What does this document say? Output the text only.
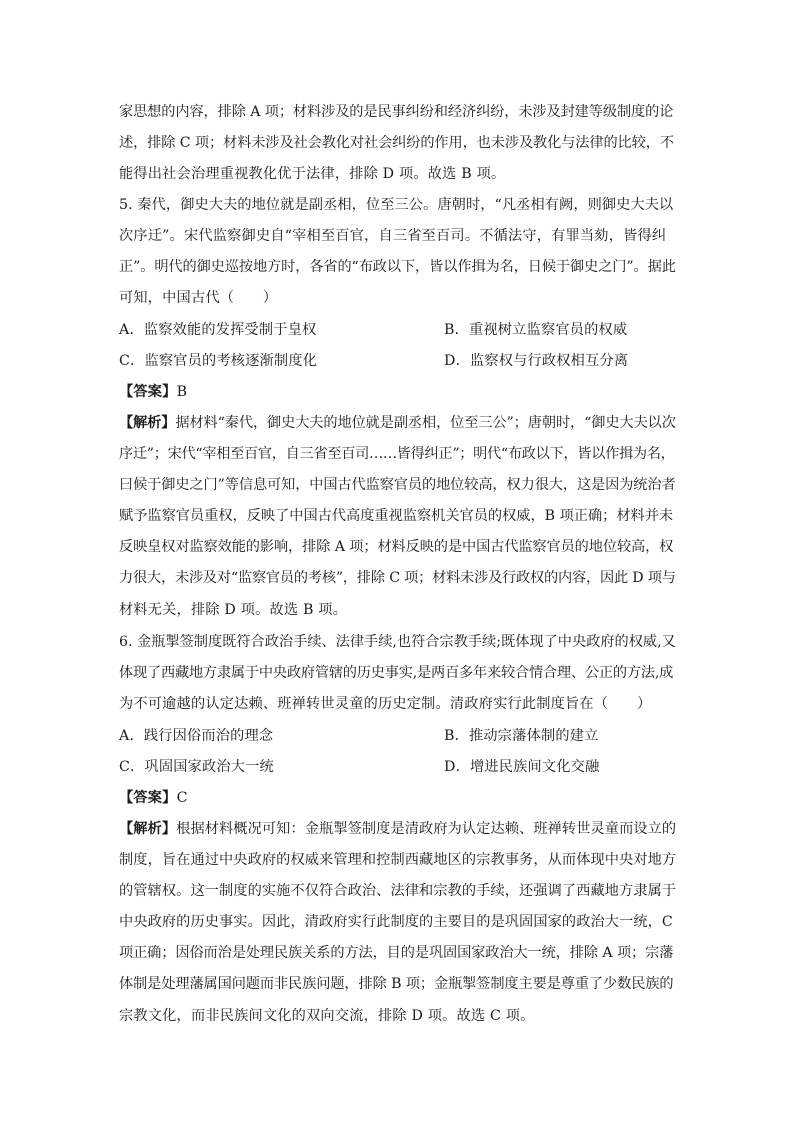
家思想的内容，排除 A 项；材料涉及的是民事纠纷和经济纠纷，未涉及封建等级制度的论
述，排除 C 项；材料未涉及社会教化对社会纠纷的作用，也未涉及教化与法律的比较，不
能得出社会治理重视教化优于法律，排除 D 项。故选 B 项。
5. 秦代，御史大夫的地位就是副丞相，位至三公。唐朝时，“凡丞相有阙，则御史大夫以
次序迁”。宋代监察御史自“宰相至百官，自三省至百司。不循法守，有罪当劾，皆得纠
正”。明代的御史巡按地方时，各省的“布政以下，皆以作揖为名，日候于御史之门”。据此
可知，中国古代（　　）
A．监察效能的发挥受制于皇权	B．重视树立监察官员的权威
C．监察官员的考核逐渐制度化	D．监察权与行政权相互分离
【答案】B
【解析】据材料“秦代，御史大夫的地位就是副丞相，位至三公”；唐朝时，“御史大夫以次
序迁”；宋代“宰相至百官，自三省至百司……皆得纠正”；明代“布政以下，皆以作揖为名，
曰候于御史之门”等信息可知，中国古代监察官员的地位较高，权力很大，这是因为统治者
赋予监察官员重权，反映了中国古代高度重视监察机关官员的权威，B 项正确；材料并未
反映皇权对监察效能的影响，排除 A 项；材料反映的是中国古代监察官员的地位较高，权
力很大，未涉及对“监察官员的考核”，排除 C 项；材料未涉及行政权的内容，因此 D 项与
材料无关，排除 D 项。故选 B 项。
6. 金瓶掣签制度既符合政治手续、法律手续,也符合宗教手续;既体现了中央政府的权威,又
体现了西藏地方隶属于中央政府管辖的历史事实,是两百多年来较合情合理、公正的方法,成
为不可逾越的认定达赖、班禅转世灵童的历史定制。清政府实行此制度旨在（　　）
A．践行因俗而治的理念	B．推动宗藩体制的建立
C．巩固国家政治大一统	D．增进民族间文化交融
【答案】C
【解析】根据材料概况可知：金瓶掣签制度是清政府为认定达赖、班禅转世灵童而设立的
制度，旨在通过中央政府的权威来管理和控制西藏地区的宗教事务，从而体现中央对地方
的管辖权。这一制度的实施不仅符合政治、法律和宗教的手续，还强调了西藏地方隶属于
中央政府的历史事实。因此，清政府实行此制度的主要目的是巩固国家的政治大一统，C
项正确；因俗而治是处理民族关系的方法，目的是巩固国家政治大一统，排除 A 项；宗藩
体制是处理藩属国问题而非民族问题，排除 B 项；金瓶掣签制度主要是尊重了少数民族的
宗教文化，而非民族间文化的双向交流，排除 D 项。故选 C 项。
